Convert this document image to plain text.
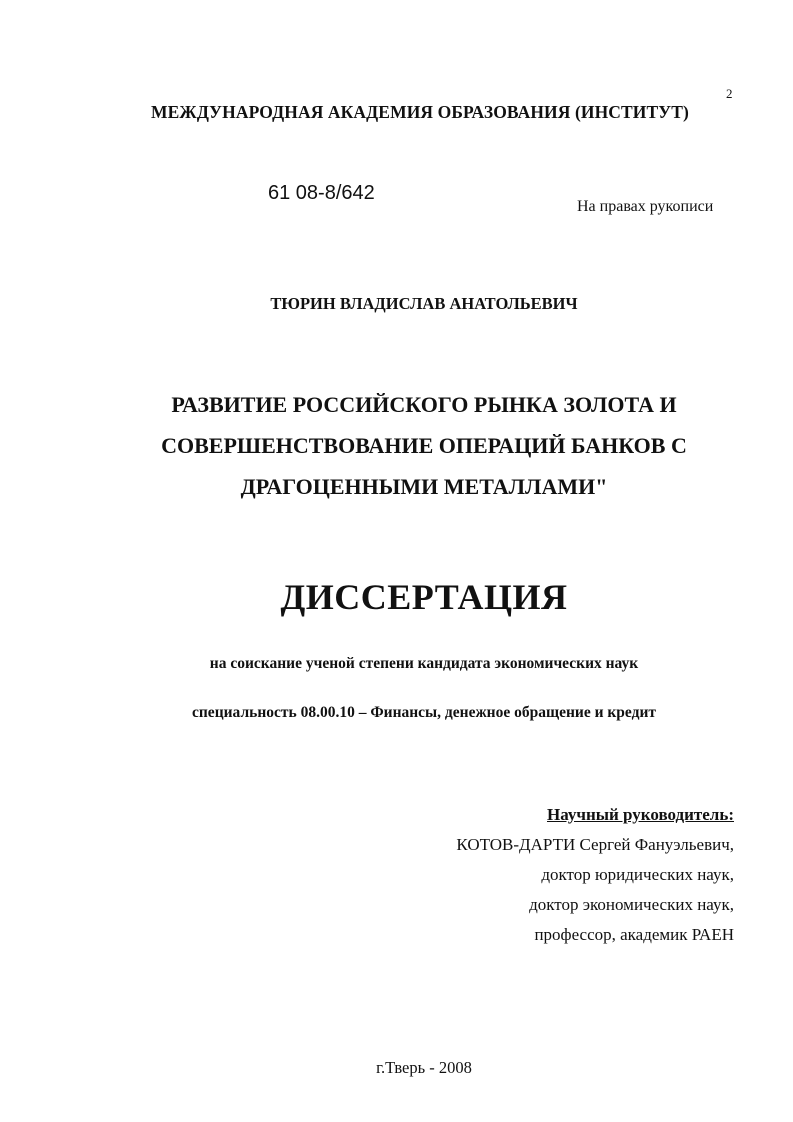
2
МЕЖДУНАРОДНАЯ АКАДЕМИЯ ОБРАЗОВАНИЯ (ИНСТИТУТ)
61 08-8/642
На правах рукописи
ТЮРИН ВЛАДИСЛАВ АНАТОЛЬЕВИЧ
РАЗВИТИЕ РОССИЙСКОГО РЫНКА ЗОЛОТА И
СОВЕРШЕНСТВОВАНИЕ ОПЕРАЦИЙ БАНКОВ С
ДРАГОЦЕННЫМИ МЕТАЛЛАМИ"
ДИССЕРТАЦИЯ
на соискание ученой степени кандидата экономических наук
специальность 08.00.10 – Финансы, денежное обращение и кредит
Научный руководитель:
КОТОВ-ДАРТИ Сергей Фануэльевич,
доктор юридических наук,
доктор экономических наук,
профессор, академик РАЕН
г.Тверь - 2008
